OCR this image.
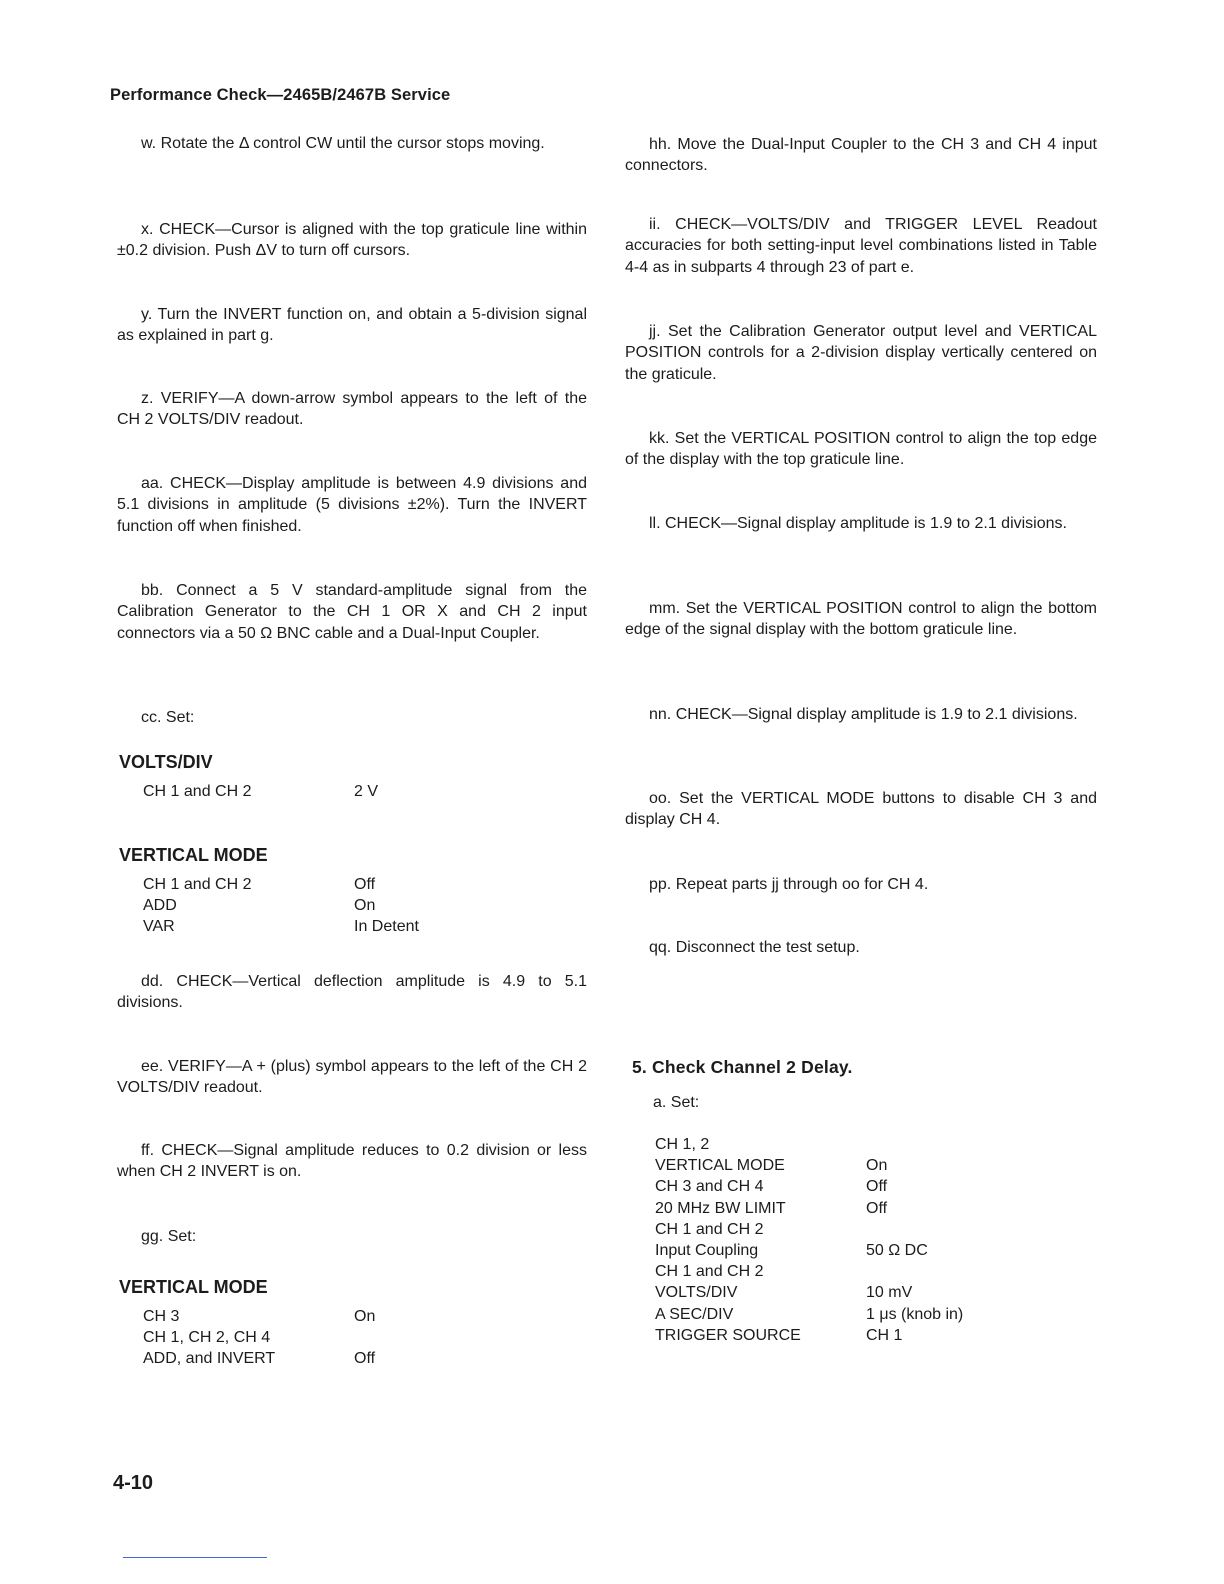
Performance Check—2465B/2467B Service

w. Rotate the Δ control CW until the cursor stops moving.

x. CHECK—Cursor is aligned with the top graticule line within ±0.2 division. Push ΔV to turn off cursors.

y. Turn the INVERT function on, and obtain a 5-division signal as explained in part g.

z. VERIFY—A down-arrow symbol appears to the left of the CH 2 VOLTS/DIV readout.

aa. CHECK—Display amplitude is between 4.9 divisions and 5.1 divisions in amplitude (5 divisions ±2%). Turn the INVERT function off when finished.

bb. Connect a 5 V standard-amplitude signal from the Calibration Generator to the CH 1 OR X and CH 2 input connectors via a 50 Ω BNC cable and a Dual-Input Coupler.

cc. Set:

VOLTS/DIV
CH 1 and CH 2	2 V
VERTICAL MODE
CH 1 and CH 2	Off
ADD	On
VAR	In Detent

dd. CHECK—Vertical deflection amplitude is 4.9 to 5.1 divisions.

ee. VERIFY—A + (plus) symbol appears to the left of the CH 2 VOLTS/DIV readout.

ff. CHECK—Signal amplitude reduces to 0.2 division or less when CH 2 INVERT is on.

gg. Set:

VERTICAL MODE
CH 3	On
CH 1, CH 2, CH 4
ADD, and INVERT	Off

hh. Move the Dual-Input Coupler to the CH 3 and CH 4 input connectors.

ii. CHECK—VOLTS/DIV and TRIGGER LEVEL Readout accuracies for both setting-input level combinations listed in Table 4-4 as in subparts 4 through 23 of part e.

jj. Set the Calibration Generator output level and VERTICAL POSITION controls for a 2-division display vertically centered on the graticule.

kk. Set the VERTICAL POSITION control to align the top edge of the display with the top graticule line.

ll. CHECK—Signal display amplitude is 1.9 to 2.1 divisions.

mm. Set the VERTICAL POSITION control to align the bottom edge of the signal display with the bottom graticule line.

nn. CHECK—Signal display amplitude is 1.9 to 2.1 divisions.

oo. Set the VERTICAL MODE buttons to disable CH 3 and display CH 4.

pp. Repeat parts jj through oo for CH 4.

qq. Disconnect the test setup.

5. Check Channel 2 Delay.

a. Set:

CH 1, 2
VERTICAL MODE	On
CH 3 and CH 4	Off
20 MHz BW LIMIT	Off
CH 1 and CH 2
Input Coupling	50 Ω DC
CH 1 and CH 2
VOLTS/DIV	10 mV
A SEC/DIV	1 μs (knob in)
TRIGGER SOURCE	CH 1
4-10
